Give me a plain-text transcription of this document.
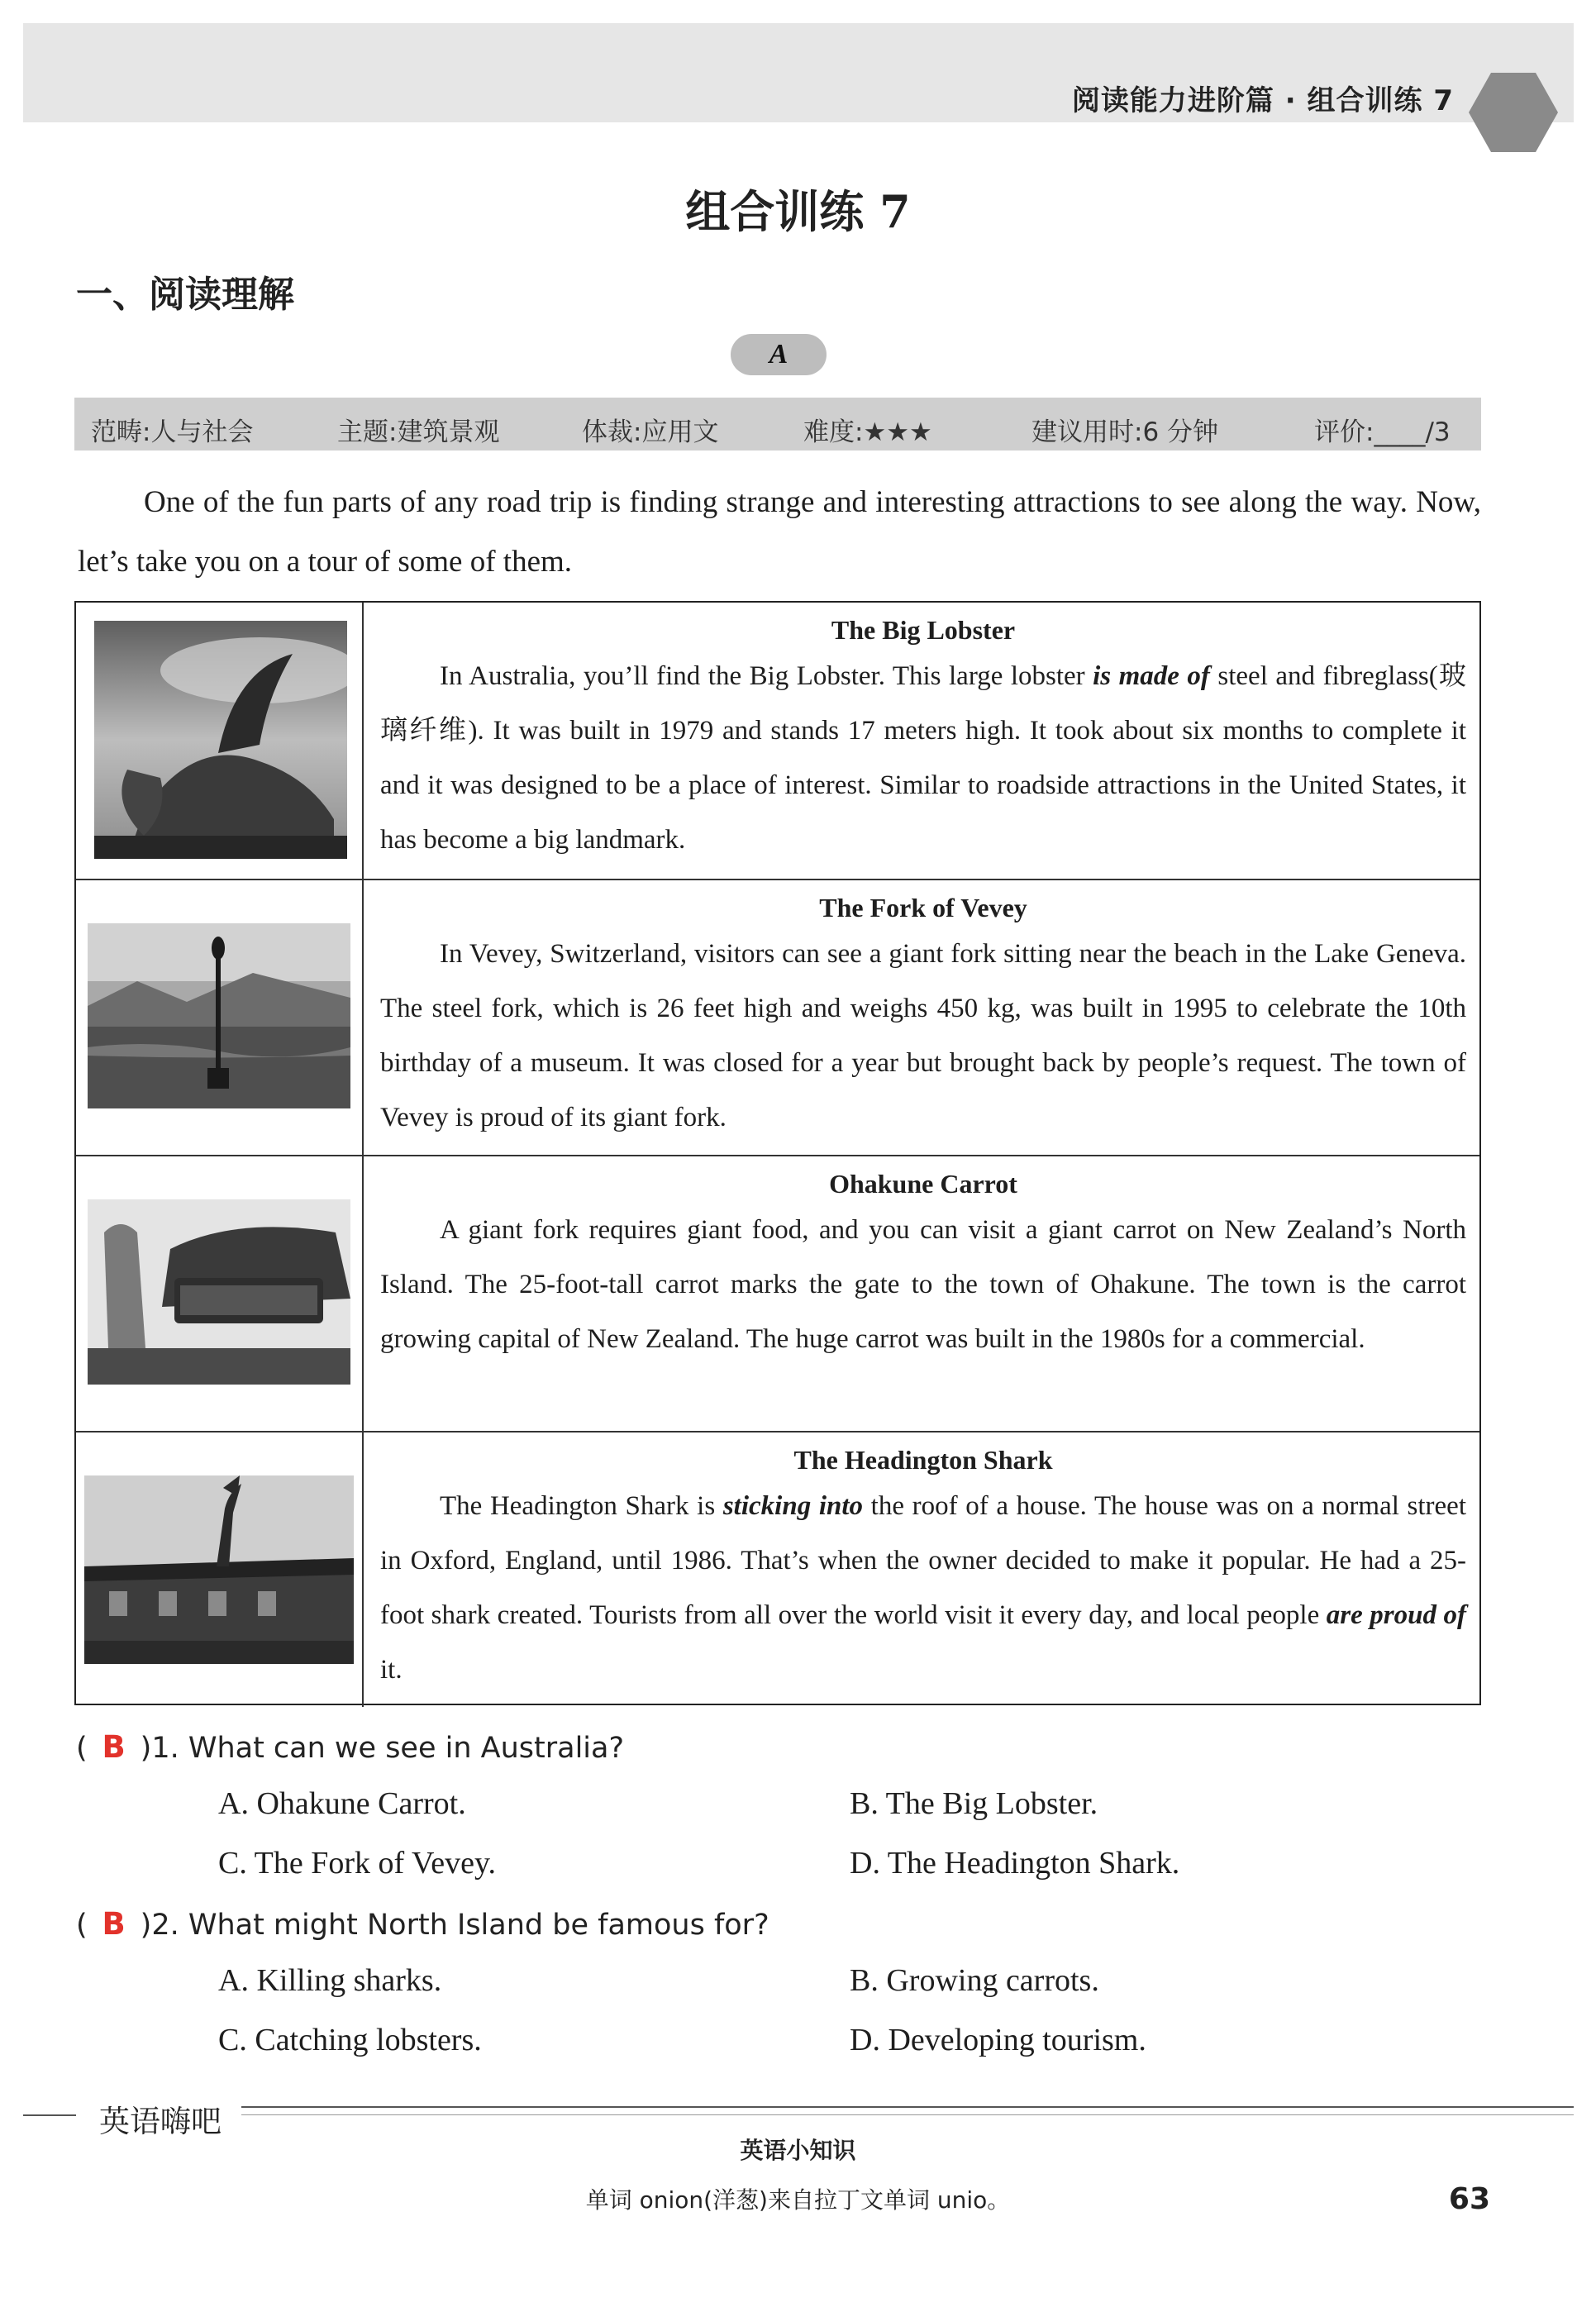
阅读能力进阶篇 · 组合训练 7
组合训练 7
一、阅读理解
A
范畴:人与社会	主题:建筑景观	体裁:应用文	难度:★★★	建议用时:6 分钟	评价:____/3

One of the fun parts of any road trip is finding strange and interesting attractions to see along the way. Now, let’s take you on a tour of some of them.

The Big Lobster

In Australia, you’ll find the Big Lobster. This large lobster is made of steel and fibreglass(玻璃纤维). It was built in 1979 and stands 17 meters high. It took about six months to complete it and it was designed to be a place of interest. Similar to roadside attractions in the United States, it has become a big landmark.

The Fork of Vevey

In Vevey, Switzerland, visitors can see a giant fork sitting near the beach in the Lake Geneva. The steel fork, which is 26 feet high and weighs 450 kg, was built in 1995 to celebrate the 10th birthday of a museum. It was closed for a year but brought back by people’s request. The town of Vevey is proud of its giant fork.

Ohakune Carrot

A giant fork requires giant food, and you can visit a giant carrot on New Zealand’s North Island. The 25-foot-tall carrot marks the gate to the town of Ohakune. The town is the carrot growing capital of New Zealand. The huge carrot was built in the 1980s for a commercial.

The Headington Shark

The Headington Shark is sticking into the roof of a house. The house was on a normal street in Oxford, England, until 1986. That’s when the owner decided to make it popular. He had a 25-foot shark created. Tourists from all over the world visit it every day, and local people are proud of it.

( B )1. What can we see in Australia?
A. Ohakune Carrot.	B. The Big Lobster.
C. The Fork of Vevey.	D. The Headington Shark.
( B )2. What might North Island be famous for?
A. Killing sharks.	B. Growing carrots.
C. Catching lobsters.	D. Developing tourism.
英语嗨吧
英语小知识
单词 onion(洋葱)来自拉丁文单词 unio。	63
